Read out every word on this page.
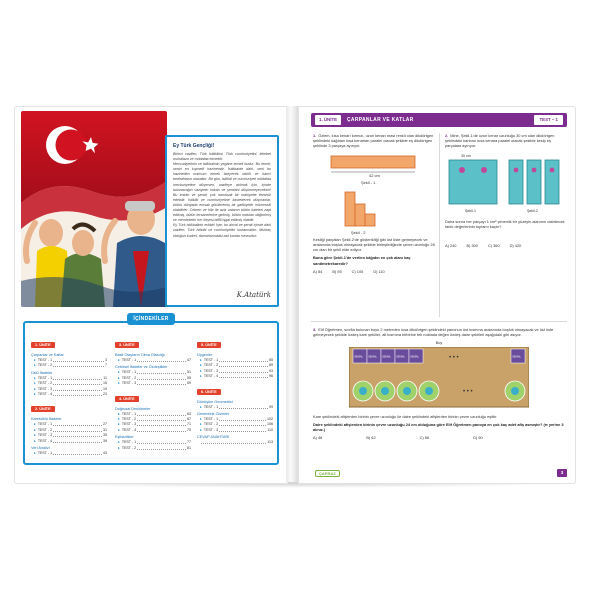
Ey Türk Gençliği!
Birinci vazifen, Türk istiklâlini, Türk cumhuriyetini, ilelebet muhafaza ve müdafaa etmektir.
Mevcudiyetinin ve istikbalinin yegâne temeli budur. Bu temel, senin en kıymetli hazinendir. İstikbalde dahi, seni bu hazineden mahrum etmek isteyecek dahilî ve haricî bedhahların olacaktır. Bir gün, istiklâl ve cumhuriyeti müdafaa mecburiyetine düşersen, vazifeye atılmak için, içinde bulunacağın vaziyetin imkân ve şeraitini düşünmeyeceksin! Bu imkân ve şerait, çok namüsait bir mahiyette tezahür edebilir. İstiklâl ve cumhuriyetine kastedecek düşmanlar, bütün dünyada emsali görülmemiş bir galibiyetin mümessili olabilirler. Cebren ve hile ile aziz vatanın bütün kaleleri zapt edilmiş, bütün tersanelerine girilmiş, bütün orduları dağıtılmış ve memleketin her köşesi bilfiil işgal edilmiş olabilir.
Ey Türk istikbalinin evlâdı! İşte, bu ahval ve şerait içinde dahi vazifen, Türk istiklâl ve cumhuriyetini kurtarmaktır. Muhtaç olduğun kudret, damarlarındaki asil kanda mevcuttur.
K.Atatürk
1. ÜNİTE
Çarpanlar ve Katlar
▸ TEST - 1	3
▸ TEST - 2	7
Üslü İfadeler
▸ TEST - 1	11
▸ TEST - 2	15
▸ TEST - 3	19
▸ TEST - 4	23
2. ÜNİTE
Kareköklü İfadeler
▸ TEST - 1	27
▸ TEST - 2	31
▸ TEST - 3	35
▸ TEST - 4	39
Veri Analizi
▸ TEST - 1	43
3. ÜNİTE
Basit Olayların Olma Olasılığı
▸ TEST - 1	47
Cebirsel İfadeler ve Özdeşlikler
▸ TEST - 1	51
▸ TEST - 2	55
▸ TEST - 3	59
4. ÜNİTE
Doğrusal Denklemler
▸ TEST - 1	63
▸ TEST - 2	67
▸ TEST - 3	71
▸ TEST - 4	75
Eşitsizlikler
▸ TEST - 1	77
▸ TEST - 2	81
5. ÜNİTE
Üçgenler
▸ TEST - 1	85
▸ TEST - 2	89
▸ TEST - 3	93
▸ TEST - 4	96
6. ÜNİTE
Dönüşüm Geometrisi
▸ TEST - 1	99
Geometrik Cisimler
▸ TEST - 1	102
▸ TEST - 2	106
▸ TEST - 3	110
CEVAP ANAHTARI
113
İÇİNDEKİLER
1. ÜNİTE	ÇARPANLAR VE KATLAR	TEST – 1
1. Özlem, kısa kenarı kırmızı, uzun kenarı mavi renkli olan dikdörtgen şeklindeki kağıttan kısa kenarları paralel olacak şekilde eş dikdörtgen şeklinde 3 parçaya ayırıyor.
42 cm
Şekil - 1
Şekil - 2
Kestiği parçaları Şekil-2'de gösterildiği gibi üst üste gelmeyecek ve aralarında boşluk olmayacak şekilde birleştirdiğinde çevre uzunluğu 26 cm olan bir şekil elde ediyor.
Buna göre Şekil-1'de verilen kâğıdın en çok alanı kaç santimetrekaredir?
A) 84	B) 95	C) 105	D) 110
2. Mine, Şekil-1'de uzun kenar uzunluğu 30 cm olan dikdörtgen şeklindeki kartonu kısa kenara paralel olacak şekilde kesip eş parçalara ayırıyor.
30 cm
Şekil-1	Şekil-2
Daha sonra her parçayı 1 cm² çimenlik bir yüzeyin alanının olabilecek farklı değerlerinin toplamı kaçtır?
A) 240	B) 300	C) 360	D) 420
3. Elif Öğretmen, sınıfta bulunan boyu 2 metreden kısa dikdörtgen şeklindeki panonun üst kısmına aralarında boşluk olmayacak ve üst üste gelmeyecek şekilde özdeş kare şekiller, alt kısmına birbirine tek noktada değen özdeş daire şekilleri aşağıdaki gibi asıyor.
Boy
GENIAL GENIAL GENIAL GENIAL GENIAL	GENIAL
• • •
• • •
Kare şeklindeki afişlerden birinin çevre uzunluğu ile daire şeklindeki afişlerden birinin çevre uzunluğu eşittir.
Daire şeklindeki afişlerden birinin çevre uzunluğu 24 cm olduğuna göre Elif Öğretmen panoya en çok kaç adet afiş asmıştır? (π yerine 3 alınız.)
A) 48	B) 62	C) 56	D) 60
ÇAPRAZ	3
